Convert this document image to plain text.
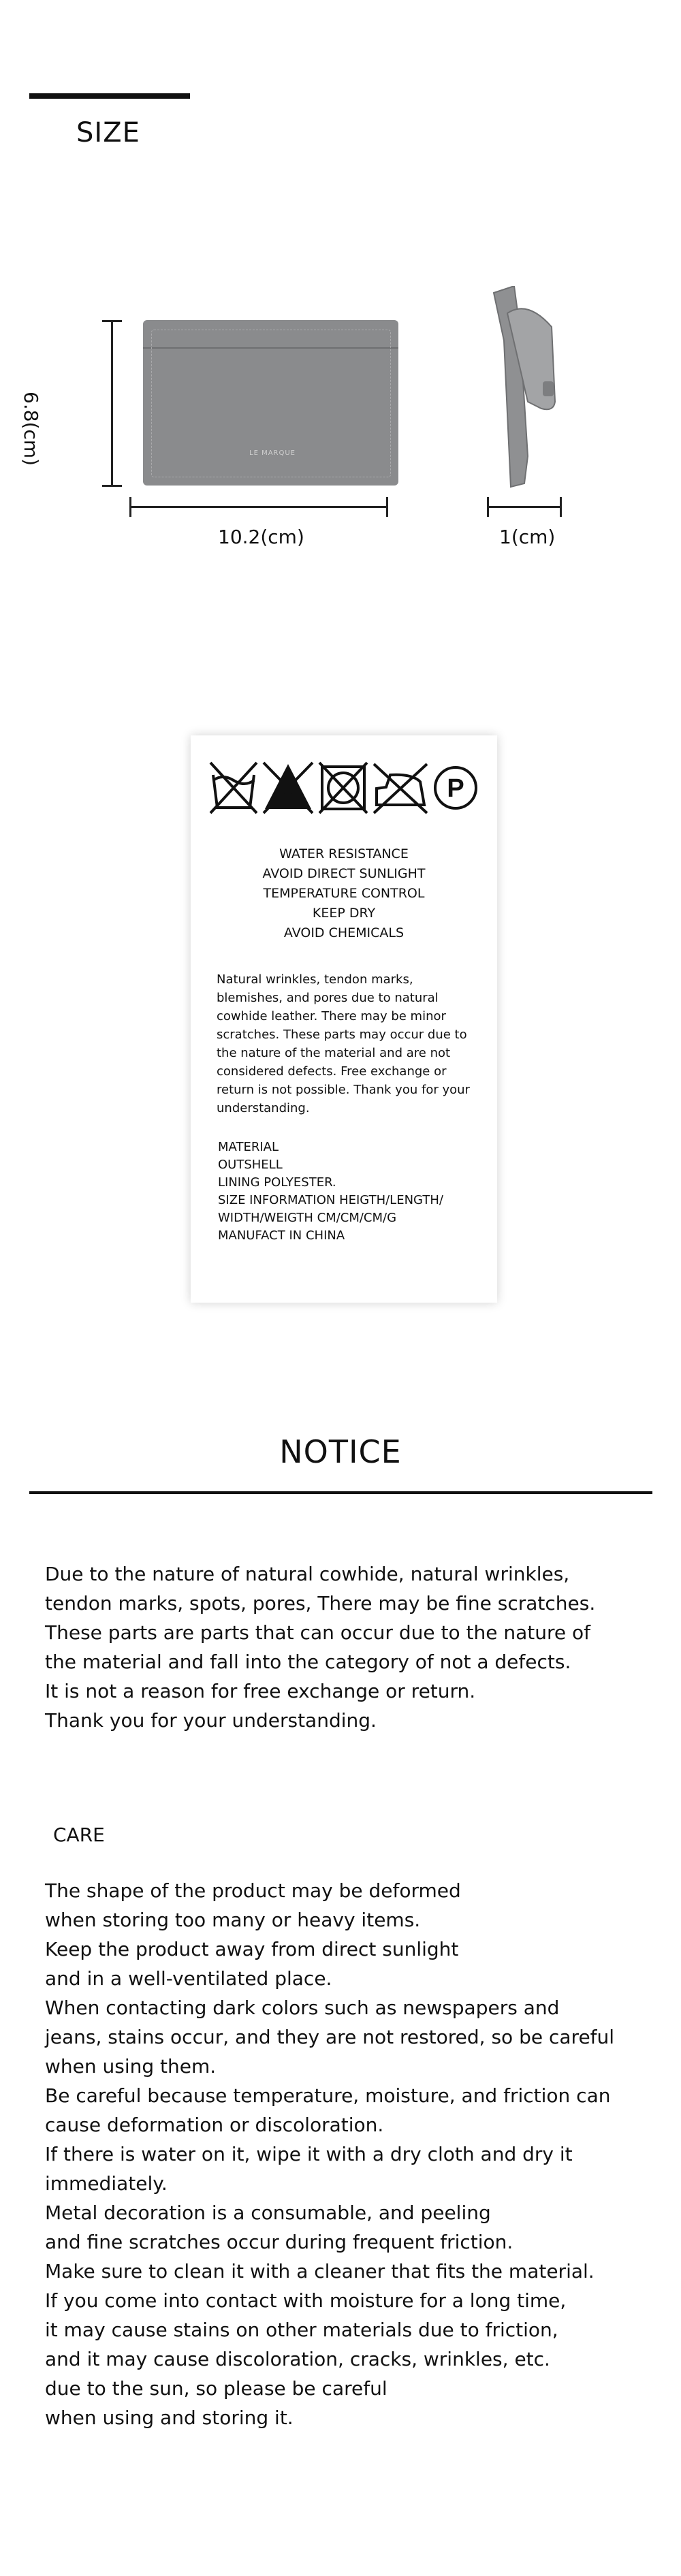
SIZE
6.8(cm)	LE MARQUE
10.2(cm)	1(cm)
P
WATER RESISTANCE
AVOID DIRECT SUNLIGHT
TEMPERATURE CONTROL
KEEP DRY
AVOID CHEMICALS
Natural wrinkles, tendon marks,
blemishes, and pores due to natural
cowhide leather. There may be minor
scratches. These parts may occur due to
the nature of the material and are not
considered defects. Free exchange or
return is not possible. Thank you for your
understanding.
MATERIAL
OUTSHELL
LINING POLYESTER.
SIZE INFORMATION HEIGTH/LENGTH/
WIDTH/WEIGTH CM/CM/CM/G
MANUFACT IN CHINA
NOTICE
Due to the nature of natural cowhide, natural wrinkles,
tendon marks, spots, pores, There may be fine scratches.
These parts are parts that can occur due to the nature of
the material and fall into the category of not a defects.
It is not a reason for free exchange or return.
Thank you for your understanding.
CARE
The shape of the product may be deformed
when storing too many or heavy items.
Keep the product away from direct sunlight
and in a well-ventilated place.
When contacting dark colors such as newspapers and
jeans, stains occur, and they are not restored, so be careful
when using them.
Be careful because temperature, moisture, and friction can
cause deformation or discoloration.
If there is water on it, wipe it with a dry cloth and dry it
immediately.
Metal decoration is a consumable, and peeling
and fine scratches occur during frequent friction.
Make sure to clean it with a cleaner that fits the material.
If you come into contact with moisture for a long time,
it may cause stains on other materials due to friction,
and it may cause discoloration, cracks, wrinkles, etc.
due to the sun, so please be careful
when using and storing it.
